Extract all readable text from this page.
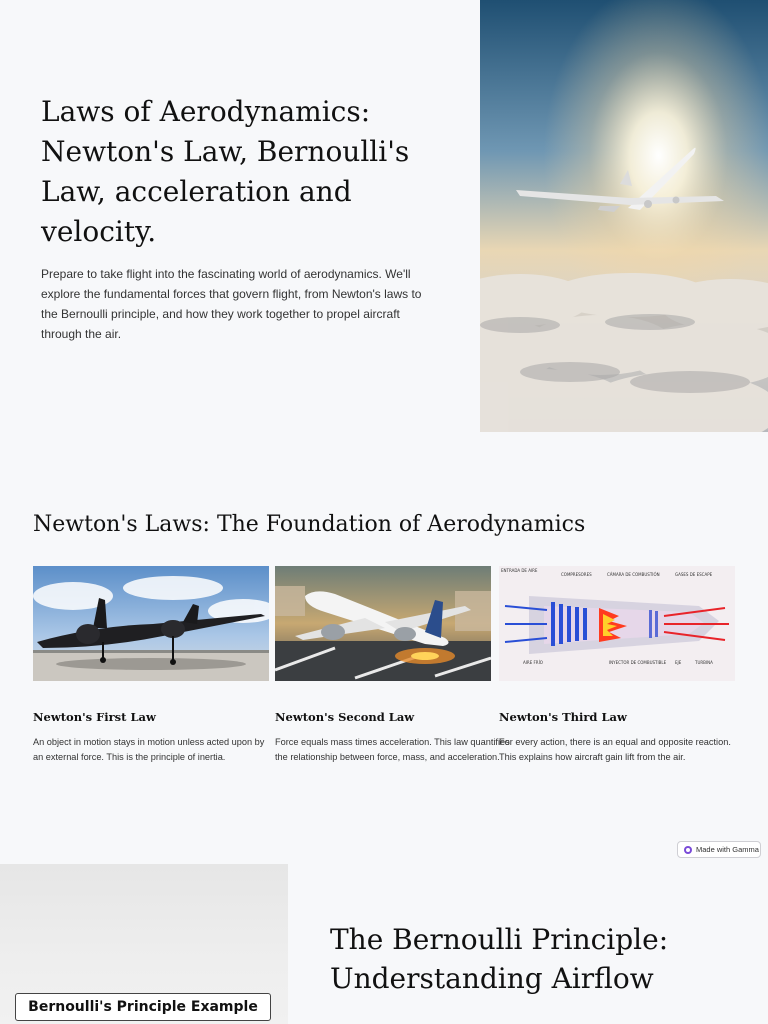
Laws of Aerodynamics: Newton's Law, Bernoulli's Law, acceleration and velocity.

Prepare to take flight into the fascinating world of aerodynamics. We'll explore the fundamental forces that govern flight, from Newton's laws to the Bernoulli principle, and how they work together to propel aircraft through the air.

Newton's Laws: The Foundation of Aerodynamics
Newton's First Law
An object in motion stays in motion unless acted upon by an external force. This is the principle of inertia.
Newton's Second Law
Force equals mass times acceleration. This law quantifies the relationship between force, mass, and acceleration.
ENTRADA DE AIRE
COMPRESORES	CÁMARA DE COMBUSTIÓN	GASES DE ESCAPE
AIRE FRÍO	INYECTOR DE COMBUSTIBLE EJE	TURBINA
Newton's Third Law
For every action, there is an equal and opposite reaction. This explains how aircraft gain lift from the air.
Made with Gamma
Bernoulli's Principle Example
The Bernoulli Principle: Understanding Airflow
